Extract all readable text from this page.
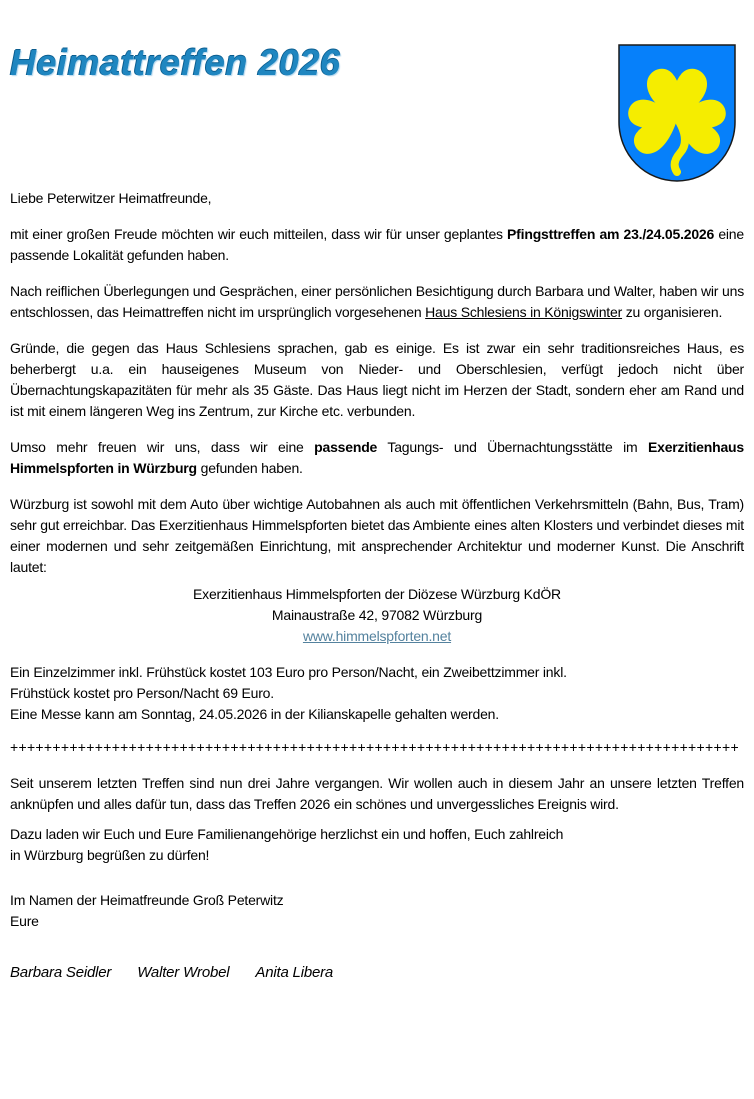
Heimattreffen 2026

Liebe Peterwitzer Heimatfreunde,

mit einer großen Freude möchten wir euch mitteilen, dass wir für unser geplantes Pfingsttreffen am 23./24.05.2026 eine passende Lokalität gefunden haben.

Nach reiflichen Überlegungen und Gesprächen, einer persönlichen Besichtigung durch Barbara und Walter, haben wir uns entschlossen, das Heimattreffen nicht im ursprünglich vorgesehenen Haus Schlesiens in Königswinter zu organisieren.

Gründe, die gegen das Haus Schlesiens sprachen, gab es einige. Es ist zwar ein sehr traditionsreiches Haus, es beherbergt u.a. ein hauseigenes Museum von Nieder- und Oberschlesien, verfügt jedoch nicht über Übernachtungskapazitäten für mehr als 35 Gäste. Das Haus liegt nicht im Herzen der Stadt, sondern eher am Rand und ist mit einem längeren Weg ins Zentrum, zur Kirche etc. verbunden.

Umso mehr freuen wir uns, dass wir eine passende Tagungs- und Übernachtungsstätte im Exerzitienhaus Himmelspforten in Würzburg gefunden haben.

Würzburg ist sowohl mit dem Auto über wichtige Autobahnen als auch mit öffentlichen Verkehrsmitteln (Bahn, Bus, Tram) sehr gut erreichbar. Das Exerzitienhaus Himmelspforten bietet das Ambiente eines alten Klosters und verbindet dieses mit einer modernen und sehr zeitgemäßen Einrichtung, mit ansprechender Architektur und moderner Kunst. Die Anschrift lautet:

Exerzitienhaus Himmelspforten der Diözese Würzburg KdÖR
Mainaustraße 42, 97082 Würzburg
www.himmelspforten.net

Ein Einzelzimmer inkl. Frühstück kostet 103 Euro pro Person/Nacht, ein Zweibettzimmer inkl.
Frühstück kostet pro Person/Nacht 69 Euro.
Eine Messe kann am Sonntag, 24.05.2026 in der Kilianskapelle gehalten werden.

++++++++++++++++++++++++++++++++++++++++++++++++++++++++++++++++++++++++++++++++++++++

Seit unserem letzten Treffen sind nun drei Jahre vergangen. Wir wollen auch in diesem Jahr an unsere letzten Treffen anknüpfen und alles dafür tun, dass das Treffen 2026 ein schönes und unvergessliches Ereignis wird.

Dazu laden wir Euch und Eure Familienangehörige herzlichst ein und hoffen, Euch zahlreich
in Würzburg begrüßen zu dürfen!

Im Namen der Heimatfreunde Groß Peterwitz
Eure

Barbara Seidler Walter Wrobel Anita Libera
